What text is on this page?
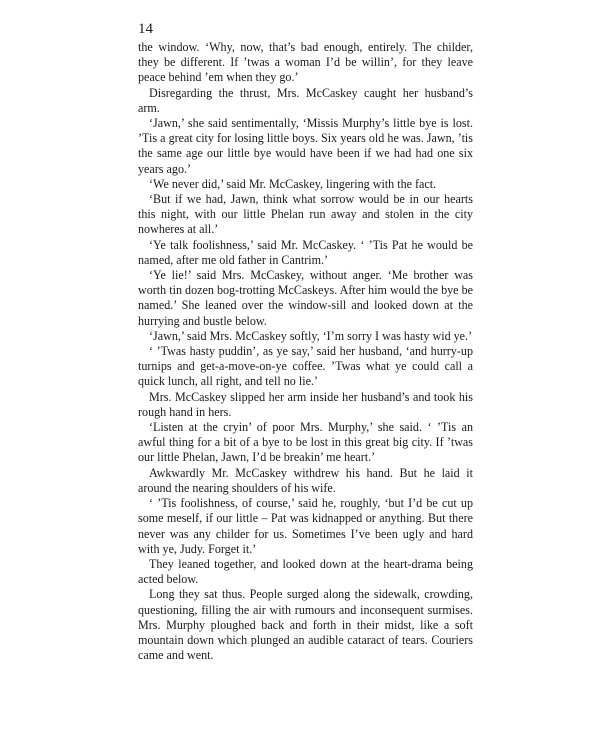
14

the window. ‘Why, now, that’s bad enough, entirely. The childer, they be different. If ’twas a woman I’d be willin’, for they leave peace behind ’em when they go.’

Disregarding the thrust, Mrs. McCaskey caught her husband’s arm.

‘Jawn,’ she said sentimentally, ‘Missis Murphy’s little bye is lost. ’Tis a great city for losing little boys. Six years old he was. Jawn, ’tis the same age our little bye would have been if we had had one six years ago.’

‘We never did,’ said Mr. McCaskey, lingering with the fact.

‘But if we had, Jawn, think what sorrow would be in our hearts this night, with our little Phelan run away and stolen in the city nowheres at all.’

‘Ye talk foolishness,’ said Mr. McCaskey. ‘ ’Tis Pat he would be named, after me old father in Cantrim.’

‘Ye lie!’ said Mrs. McCaskey, without anger. ‘Me brother was worth tin dozen bog-trotting McCaskeys. After him would the bye be named.’ She leaned over the window-sill and looked down at the hurrying and bustle below.

‘Jawn,’ said Mrs. McCaskey softly, ‘I’m sorry I was hasty wid ye.’

‘ ’Twas hasty puddin’, as ye say,’ said her husband, ‘and hurry-up turnips and get-a-move-on-ye coffee. ’Twas what ye could call a quick lunch, all right, and tell no lie.’

Mrs. McCaskey slipped her arm inside her husband’s and took his rough hand in hers.

‘Listen at the cryin’ of poor Mrs. Murphy,’ she said. ‘ ’Tis an awful thing for a bit of a bye to be lost in this great big city. If ’twas our little Phelan, Jawn, I’d be breakin’ me heart.’

Awkwardly Mr. McCaskey withdrew his hand. But he laid it around the nearing shoulders of his wife.

‘ ’Tis foolishness, of course,’ said he, roughly, ‘but I’d be cut up some meself, if our little – Pat was kidnapped or anything. But there never was any childer for us. Sometimes I’ve been ugly and hard with ye, Judy. Forget it.’

They leaned together, and looked down at the heart-drama being acted below.

Long they sat thus. People surged along the sidewalk, crowding, questioning, filling the air with rumours and inconsequent surmises. Mrs. Murphy ploughed back and forth in their midst, like a soft mountain down which plunged an audible cataract of tears. Couriers came and went.
